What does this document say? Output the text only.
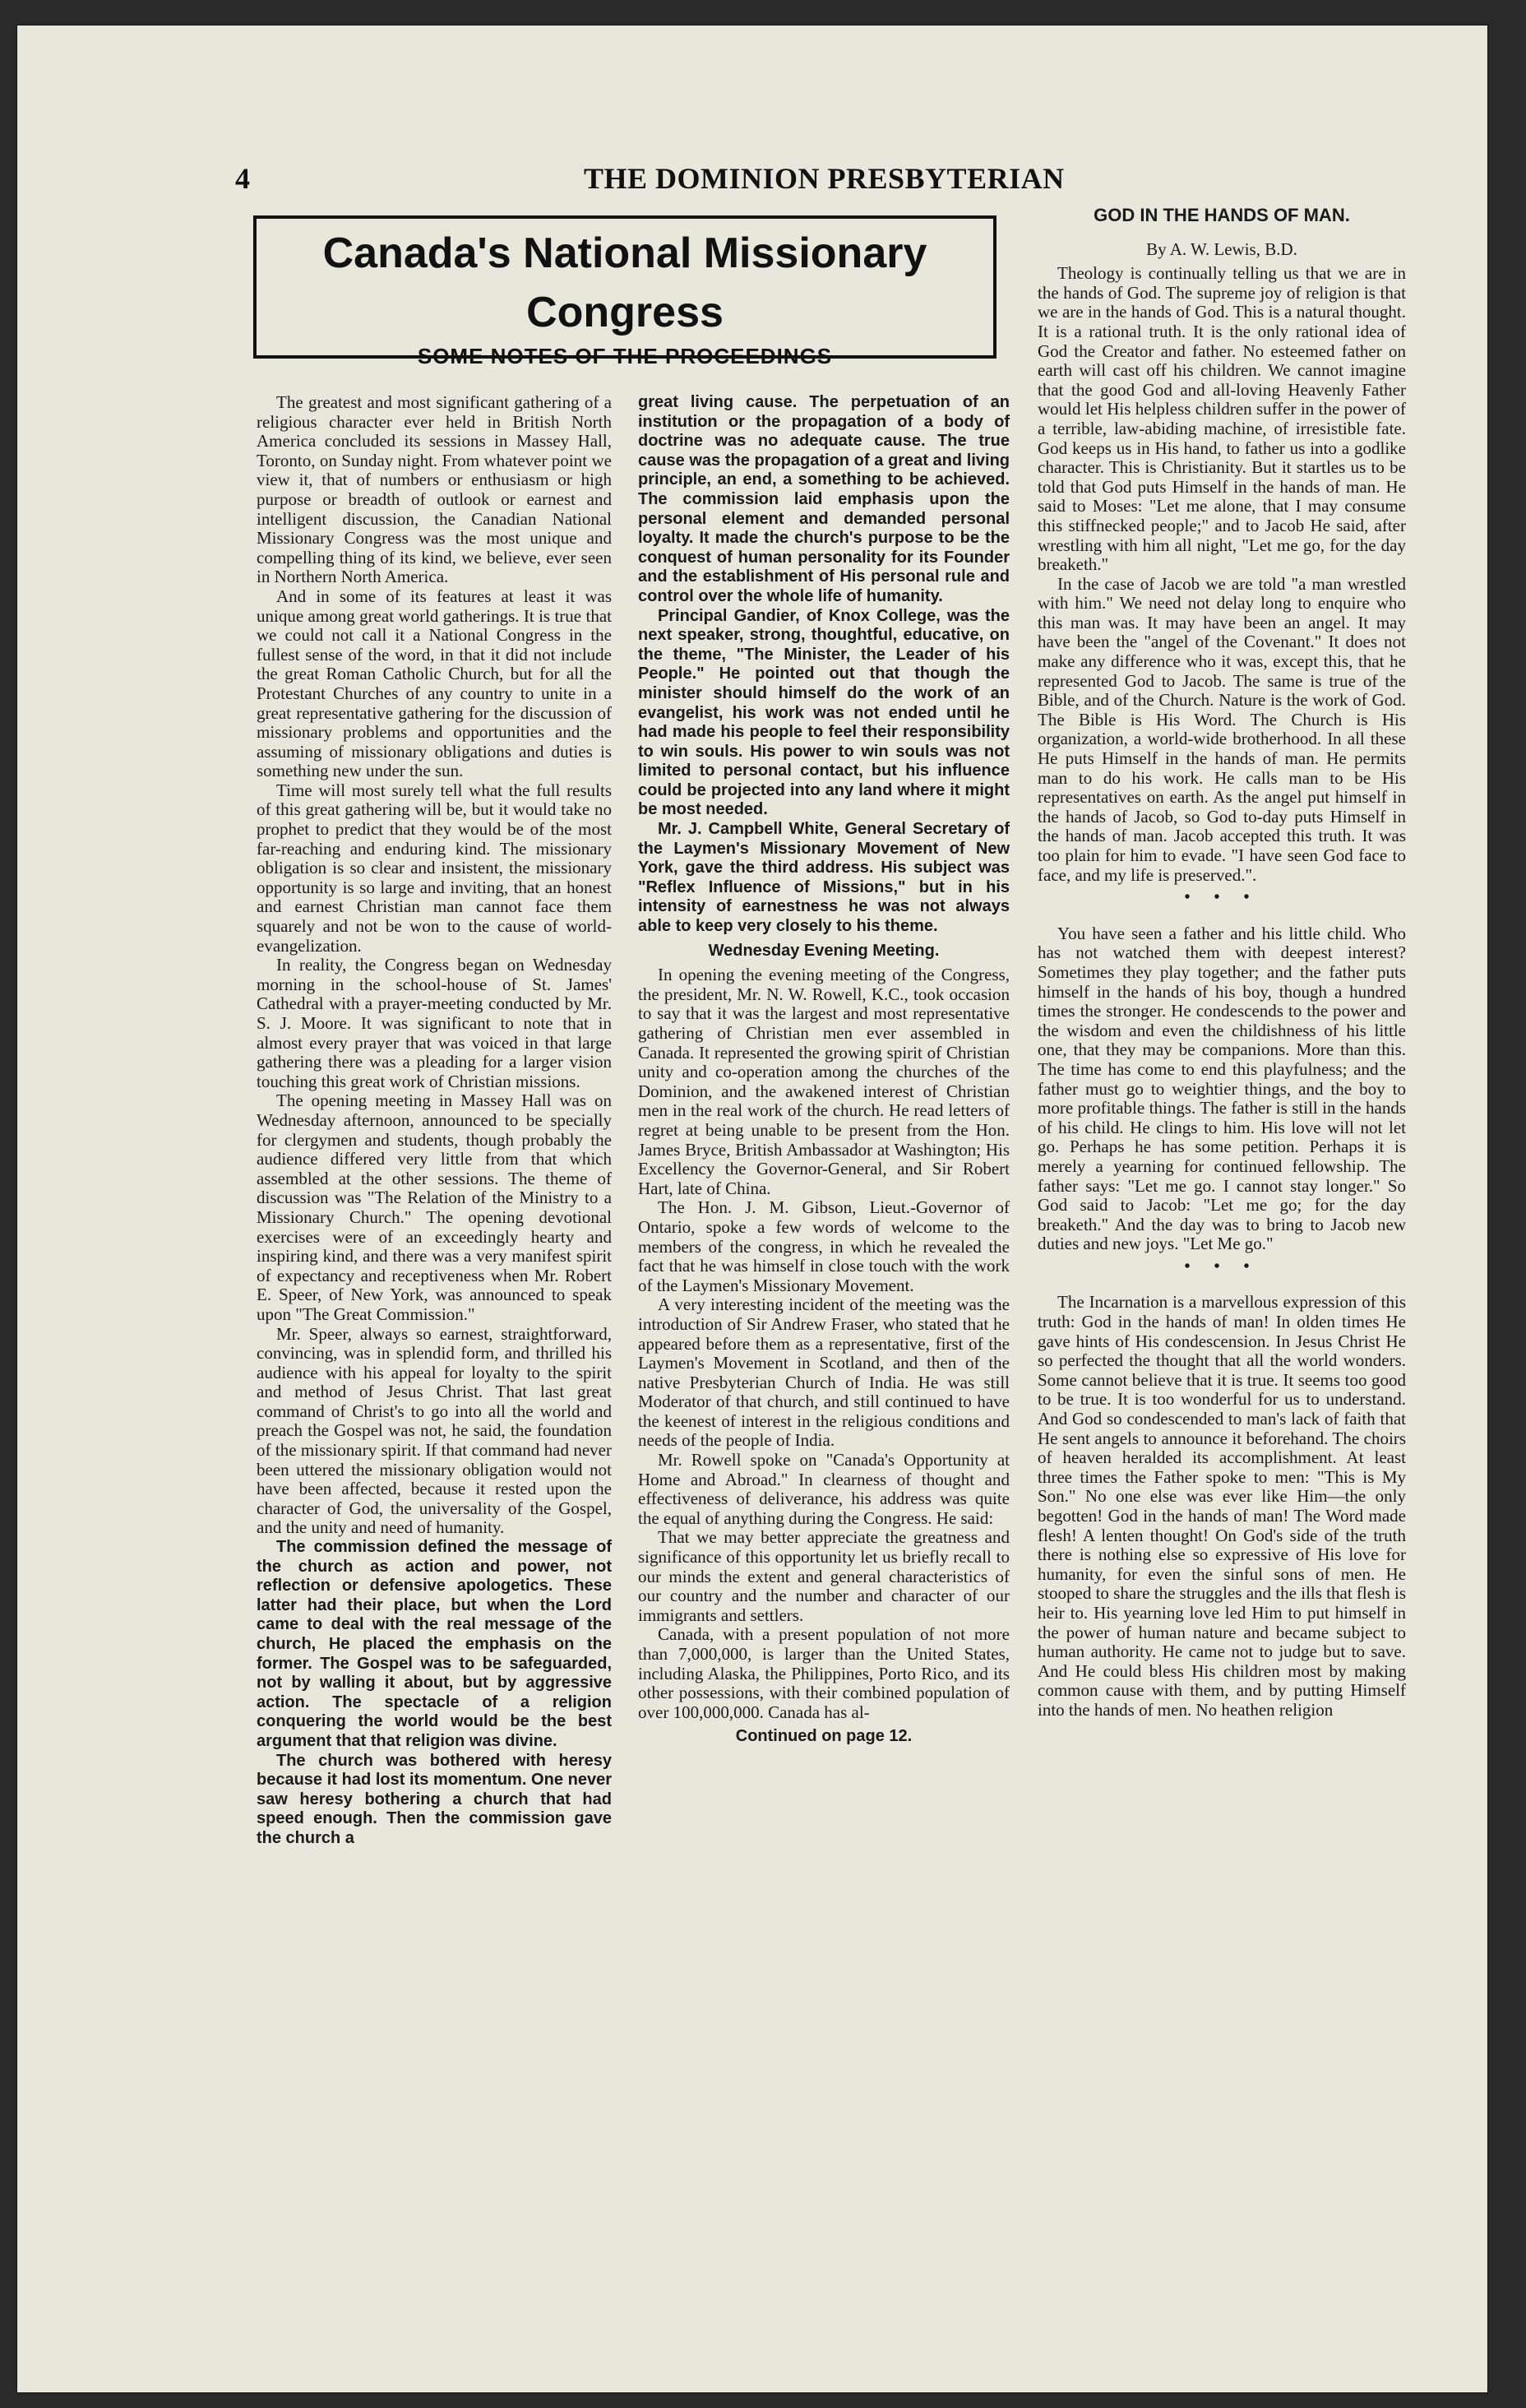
4	THE DOMINION PRESBYTERIAN
Canada's National Missionary
Congress
SOME NOTES OF THE PROCEEDINGS

The greatest and most significant gathering of a religious character ever held in British North America concluded its sessions in Massey Hall, Toronto, on Sunday night. From whatever point we view it, that of numbers or enthusiasm or high purpose or breadth of outlook or earnest and intelligent discussion, the Canadian National Missionary Congress was the most unique and compelling thing of its kind, we believe, ever seen in Northern North America.

And in some of its features at least it was unique among great world gatherings. It is true that we could not call it a National Congress in the fullest sense of the word, in that it did not include the great Roman Catholic Church, but for all the Protestant Churches of any country to unite in a great representative gathering for the discussion of missionary problems and opportunities and the assuming of missionary obligations and duties is something new under the sun.

Time will most surely tell what the full results of this great gathering will be, but it would take no prophet to predict that they would be of the most far-reaching and enduring kind. The missionary obligation is so clear and insistent, the missionary opportunity is so large and inviting, that an honest and earnest Christian man cannot face them squarely and not be won to the cause of world-evangelization.

In reality, the Congress began on Wednesday morning in the school-house of St. James' Cathedral with a prayer-meeting conducted by Mr. S. J. Moore. It was significant to note that in almost every prayer that was voiced in that large gathering there was a pleading for a larger vision touching this great work of Christian missions.

The opening meeting in Massey Hall was on Wednesday afternoon, announced to be specially for clergymen and students, though probably the audience differed very little from that which assembled at the other sessions. The theme of discussion was "The Relation of the Ministry to a Missionary Church." The opening devotional exercises were of an exceedingly hearty and inspiring kind, and there was a very manifest spirit of expectancy and receptiveness when Mr. Robert E. Speer, of New York, was announced to speak upon "The Great Commission."

Mr. Speer, always so earnest, straightforward, convincing, was in splendid form, and thrilled his audience with his appeal for loyalty to the spirit and method of Jesus Christ. That last great command of Christ's to go into all the world and preach the Gospel was not, he said, the foundation of the missionary spirit. If that command had never been uttered the missionary obligation would not have been affected, because it rested upon the character of God, the universality of the Gospel, and the unity and need of humanity.

The commission defined the message of the church as action and power, not reflection or defensive apologetics. These latter had their place, but when the Lord came to deal with the real message of the church, He placed the emphasis on the former. The Gospel was to be safeguarded, not by walling it about, but by aggressive action. The spectacle of a religion conquering the world would be the best argument that that religion was divine.

The church was bothered with heresy because it had lost its momentum. One never saw heresy bothering a church that had speed enough. Then the commission gave the church a

great living cause. The perpetuation of an institution or the propagation of a body of doctrine was no adequate cause. The true cause was the propagation of a great and living principle, an end, a something to be achieved. The commission laid emphasis upon the personal element and demanded personal loyalty. It made the church's purpose to be the conquest of human personality for its Founder and the establishment of His personal rule and control over the whole life of humanity.

Principal Gandier, of Knox College, was the next speaker, strong, thoughtful, educative, on the theme, "The Minister, the Leader of his People." He pointed out that though the minister should himself do the work of an evangelist, his work was not ended until he had made his people to feel their responsibility to win souls. His power to win souls was not limited to personal contact, but his influence could be projected into any land where it might be most needed.

Mr. J. Campbell White, General Secretary of the Laymen's Missionary Movement of New York, gave the third address. His subject was "Reflex Influence of Missions," but in his intensity of earnestness he was not always able to keep very closely to his theme.

Wednesday Evening Meeting.

In opening the evening meeting of the Congress, the president, Mr. N. W. Rowell, K.C., took occasion to say that it was the largest and most representative gathering of Christian men ever assembled in Canada. It represented the growing spirit of Christian unity and co-operation among the churches of the Dominion, and the awakened interest of Christian men in the real work of the church. He read letters of regret at being unable to be present from the Hon. James Bryce, British Ambassador at Washington; His Excellency the Governor-General, and Sir Robert Hart, late of China.

The Hon. J. M. Gibson, Lieut.-Governor of Ontario, spoke a few words of welcome to the members of the congress, in which he revealed the fact that he was himself in close touch with the work of the Laymen's Missionary Movement.

A very interesting incident of the meeting was the introduction of Sir Andrew Fraser, who stated that he appeared before them as a representative, first of the Laymen's Movement in Scotland, and then of the native Presbyterian Church of India. He was still Moderator of that church, and still continued to have the keenest of interest in the religious conditions and needs of the people of India.

Mr. Rowell spoke on "Canada's Opportunity at Home and Abroad." In clearness of thought and effectiveness of deliverance, his address was quite the equal of anything during the Congress. He said:

That we may better appreciate the greatness and significance of this opportunity let us briefly recall to our minds the extent and general characteristics of our country and the number and character of our immigrants and settlers.

Canada, with a present population of not more than 7,000,000, is larger than the United States, including Alaska, the Philippines, Porto Rico, and its other possessions, with their combined population of over 100,000,000. Canada has al-

Continued on page 12.
GOD IN THE HANDS OF MAN.
By A. W. Lewis, B.D.

Theology is continually telling us that we are in the hands of God. The supreme joy of religion is that we are in the hands of God. This is a natural thought. It is a rational truth. It is the only rational idea of God the Creator and father. No esteemed father on earth will cast off his children. We cannot imagine that the good God and all-loving Heavenly Father would let His helpless children suffer in the power of a terrible, law-abiding machine, of irresistible fate. God keeps us in His hand, to father us into a godlike character. This is Christianity. But it startles us to be told that God puts Himself in the hands of man. He said to Moses: "Let me alone, that I may consume this stiffnecked people;" and to Jacob He said, after wrestling with him all night, "Let me go, for the day breaketh."

In the case of Jacob we are told "a man wrestled with him." We need not delay long to enquire who this man was. It may have been an angel. It may have been the "angel of the Covenant." It does not make any difference who it was, except this, that he represented God to Jacob. The same is true of the Bible, and of the Church. Nature is the work of God. The Bible is His Word. The Church is His organization, a world-wide brotherhood. In all these He puts Himself in the hands of man. He permits man to do his work. He calls man to be His representatives on earth. As the angel put himself in the hands of Jacob, so God to-day puts Himself in the hands of man. Jacob accepted this truth. It was too plain for him to evade. "I have seen God face to face, and my life is preserved.".

• • •

You have seen a father and his little child. Who has not watched them with deepest interest? Sometimes they play together; and the father puts himself in the hands of his boy, though a hundred times the stronger. He condescends to the power and the wisdom and even the childishness of his little one, that they may be companions. More than this. The time has come to end this playfulness; and the father must go to weightier things, and the boy to more profitable things. The father is still in the hands of his child. He clings to him. His love will not let go. Perhaps he has some petition. Perhaps it is merely a yearning for continued fellowship. The father says: "Let me go. I cannot stay longer." So God said to Jacob: "Let me go; for the day breaketh." And the day was to bring to Jacob new duties and new joys. "Let Me go."

• • •

The Incarnation is a marvellous expression of this truth: God in the hands of man! In olden times He gave hints of His condescension. In Jesus Christ He so perfected the thought that all the world wonders. Some cannot believe that it is true. It seems too good to be true. It is too wonderful for us to understand. And God so condescended to man's lack of faith that He sent angels to announce it beforehand. The choirs of heaven heralded its accomplishment. At least three times the Father spoke to men: "This is My Son." No one else was ever like Him—the only begotten! God in the hands of man! The Word made flesh! A lenten thought! On God's side of the truth there is nothing else so expressive of His love for humanity, for even the sinful sons of men. He stooped to share the struggles and the ills that flesh is heir to. His yearning love led Him to put himself in the power of human nature and became subject to human authority. He came not to judge but to save. And He could bless His children most by making common cause with them, and by putting Himself into the hands of men. No heathen religion
